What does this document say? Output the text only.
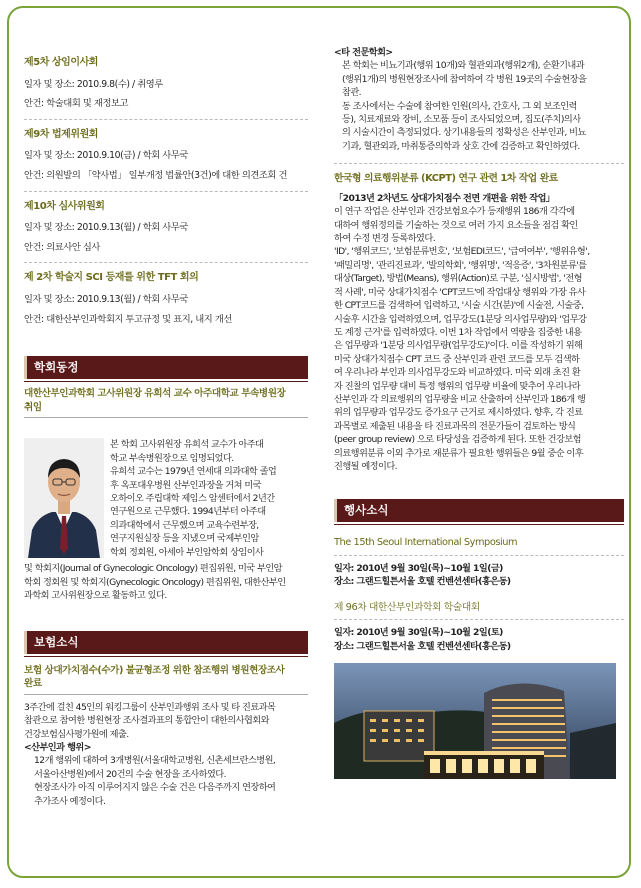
제5차 상임이사회
일자 및 장소: 2010.9.8(수) / 취영루
안건: 학술대회 및 재정보고
제9차 법제위원회
일자 및 장소: 2010.9.10(금) / 학회 사무국
안건: 의원발의 「약사법」 일부개정 법률안(3건)에 대한 의견조회 건
제10차 심사위원회
일자 및 장소: 2010.9.13(월) / 학회 사무국
안건: 의료사안 심사
제 2차 학술지 SCI 등재를 위한 TFT 회의
일자 및 장소: 2010.9.13(월) / 학회 사무국
안건: 대한산부인과학회지 투고규정 및 표지, 내지 개선
학회동정
대한산부인과학회 고사위원장 유희석 교수 아주대학교 부속병원장
취임
본 학회 고사위원장 유희석 교수가 아주대
학교 부속병원장으로 임명되었다.
유희석 교수는 1979년 연세대 의과대학 졸업
후 옥포대우병원 산부인과장을 거쳐 미국
오하이오 주립대학 제임스 암센터에서 2년간
연구원으로 근무했다. 1994년부터 아주대
의과대학에서 근무했으며 교육수련부장,
연구지원실장 등을 지냈으며 국제부인암
학회 정회원, 아세아 부인암학회 상임이사
및 학회지(Journal of Gynecologic Oncology) 편집위원, 미국 부인암
학회 정회원 및 학회지(Gynecologic Oncology) 편집위원, 대한산부인
과학회 고사위원장으로 활동하고 있다.
보험소식
보험 상대가치점수(수가) 불균형조정 위한 참조행위 병원현장조사
완료
3주간에 걸친 45인의 워킹그룹이 산부인과행위 조사 및 타 진료과목
참관으로 참여한 병원현장 조사결과표의 통합안이 대한의사협회와
건강보험심사평가원에 제출.
<산부인과 행위>
12개 행위에 대하여 3개병원(서울대학교병원, 신촌세브란스병원,
서울아산병원)에서 20건의 수술 현장을 조사하였다.
현장조사가 아직 이루어지지 않은 수술 건은 다음주까지 연장하여
추가조사 예정이다.
<타 전문학회>
본 학회는 비뇨기과(행위 10개)와 혈관외과(행위2개), 순환기내과
(행위1개)의 병원현장조사에 참여하여 각 병원 19곳의 수술현장을
참관.
동 조사에서는 수술에 참여한 인원(의사, 간호사, 그 외 보조인력
등), 치료재료와 장비, 소모품 등이 조사되었으며, 집도(주치)의사
의 시술시간이 측정되었다. 상기내용들의 정확성은 산부인과, 비뇨
기과, 혈관외과, 마취통증의학과 상호 간에 검증하고 확인하였다.
한국형 의료행위분류 (KCPT) 연구 관련 1차 작업 완료
「2013년 2차년도 상대가치점수 전면 개편을 위한 작업」
이 연구 작업은 산부인과 건강보험요수가 등재행위 186개 각각에
대하여 행위정의를 기술하는 것으로 여러 가지 요소들을 점검 확인
하여 수정 변경 등록하였다.
'ID', '행위코드', '보험분류번호', '보험EDI코드', '급여여부', '행위유형',
'패밀리명', '관리진료과', '발의학회', '행위명', '적응증', '3차원분류'를
대상(Target), 방법(Means), 행위(Action)로 구분, '실시방법', '전형
적 사례', 미국 상대가치점수 'CPT코드'에 작업대상 행위와 가장 유사
한 CPT코드를 검색하여 입력하고, '시술 시간(분)'에 시술전, 시술중,
시술후 시간을 입력하였으며, 업무강도(1분당 의사업무량)와 '업무강
도 계정 근거'를 입력하였다. 이번 1차 작업에서 역량을 집중한 내용
은 업무량과 '1분당 의사업무량(업무강도)'이다. 이를 작성하기 위해
미국 상대가치점수 CPT 코드 중 산부인과 관련 코드를 모두 검색하
여 우리나라 부인과 의사업무강도와 비교하였다. 미국 외래 초진 환
자 진찰의 업무량 대비 특정 행위의 업무량 비율에 맞추어 우리나라
산부인과 각 의료행위의 업무량을 비교 산출하여 산부인과 186개 행
위의 업무량과 업무강도 증가요구 근거로 제시하였다. 향후, 각 진료
과목별로 제출된 내용을 타 진료과목의 전문가들이 검토하는 방식
(peer group review) 으로 타당성을 검증하게 된다. 또한 건강보험
의료행위분류 이외 추가로 재분류가 필요한 행위들은 9월 중순 이후
진행될 예정이다.
행사소식
The 15th Seoul International Symposium
일자: 2010년 9월 30일(목)~10월 1일(금)
장소: 그랜드힐튼서울 호텔 컨벤션센타(홍은동)
제 96차 대한산부인과학회 학술대회
일자: 2010년 9월 30일(목)~10월 2일(토)
장소: 그랜드힐튼서울 호텔 컨벤션센타(홍은동)
